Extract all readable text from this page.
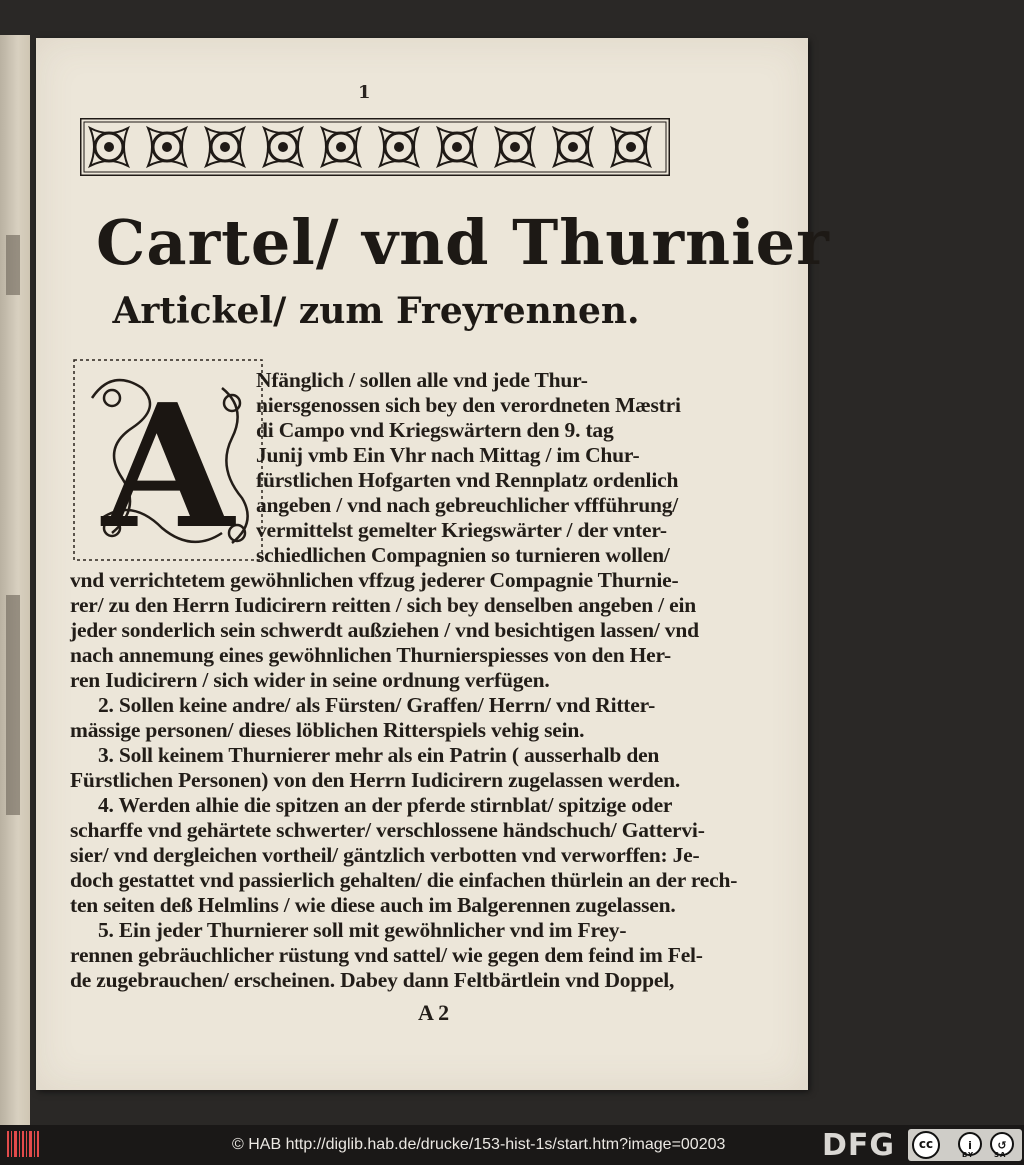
1
Cartel/ vnd Thurnier
Artickel/ zum Freyrennen.
A Nfänglich / sollen alle vnd jede Thur-
niersgenossen sich bey den verordneten Mæstri
di Campo vnd Kriegswärtern den 9. tag
Junij vmb Ein Vhr nach Mittag / im Chur-
fürstlichen Hofgarten vnd Rennplatz ordenlich
angeben / vnd nach gebreuchlicher vffführung/
vermittelst gemelter Kriegswärter / der vnter-
schiedlichen Compagnien so turnieren wollen/
vnd verrichtetem gewöhnlichen vffzug jederer Compagnie Thurnie-
rer/ zu den Herrn Iudicirern reitten / sich bey denselben angeben / ein
jeder sonderlich sein schwerdt außziehen / vnd besichtigen lassen/ vnd
nach annemung eines gewöhnlichen Thurnierspiesses von den Her-
ren Iudicirern / sich wider in seine ordnung verfügen.
2. Sollen keine andre/ als Fürsten/ Graffen/ Herrn/ vnd Ritter-
mässige personen/ dieses löblichen Ritterspiels vehig sein.
3. Soll keinem Thurnierer mehr als ein Patrin ( ausserhalb den
Fürstlichen Personen) von den Herrn Iudicirern zugelassen werden.
4. Werden alhie die spitzen an der pferde stirnblat/ spitzige oder
scharffe vnd gehärtete schwerter/ verschlossene händschuch/ Gattervi-
sier/ vnd dergleichen vortheil/ gäntzlich verbotten vnd verworffen: Je-
doch gestattet vnd passierlich gehalten/ die einfachen thürlein an der rech-
ten seiten deß Helmlins / wie diese auch im Balgerennen zugelassen.
5. Ein jeder Thurnierer soll mit gewöhnlicher vnd im Frey-
rennen gebräuchlicher rüstung vnd sattel/ wie gegen dem feind im Fel-
de zugebrauchen/ erscheinen. Dabey dann Feltbärtlein vnd Doppel,
A 2
© HAB http://diglib.hab.de/drucke/153-hist-1s/start.htm?image=00203	DFG	cc	i	↺
BY	SA
